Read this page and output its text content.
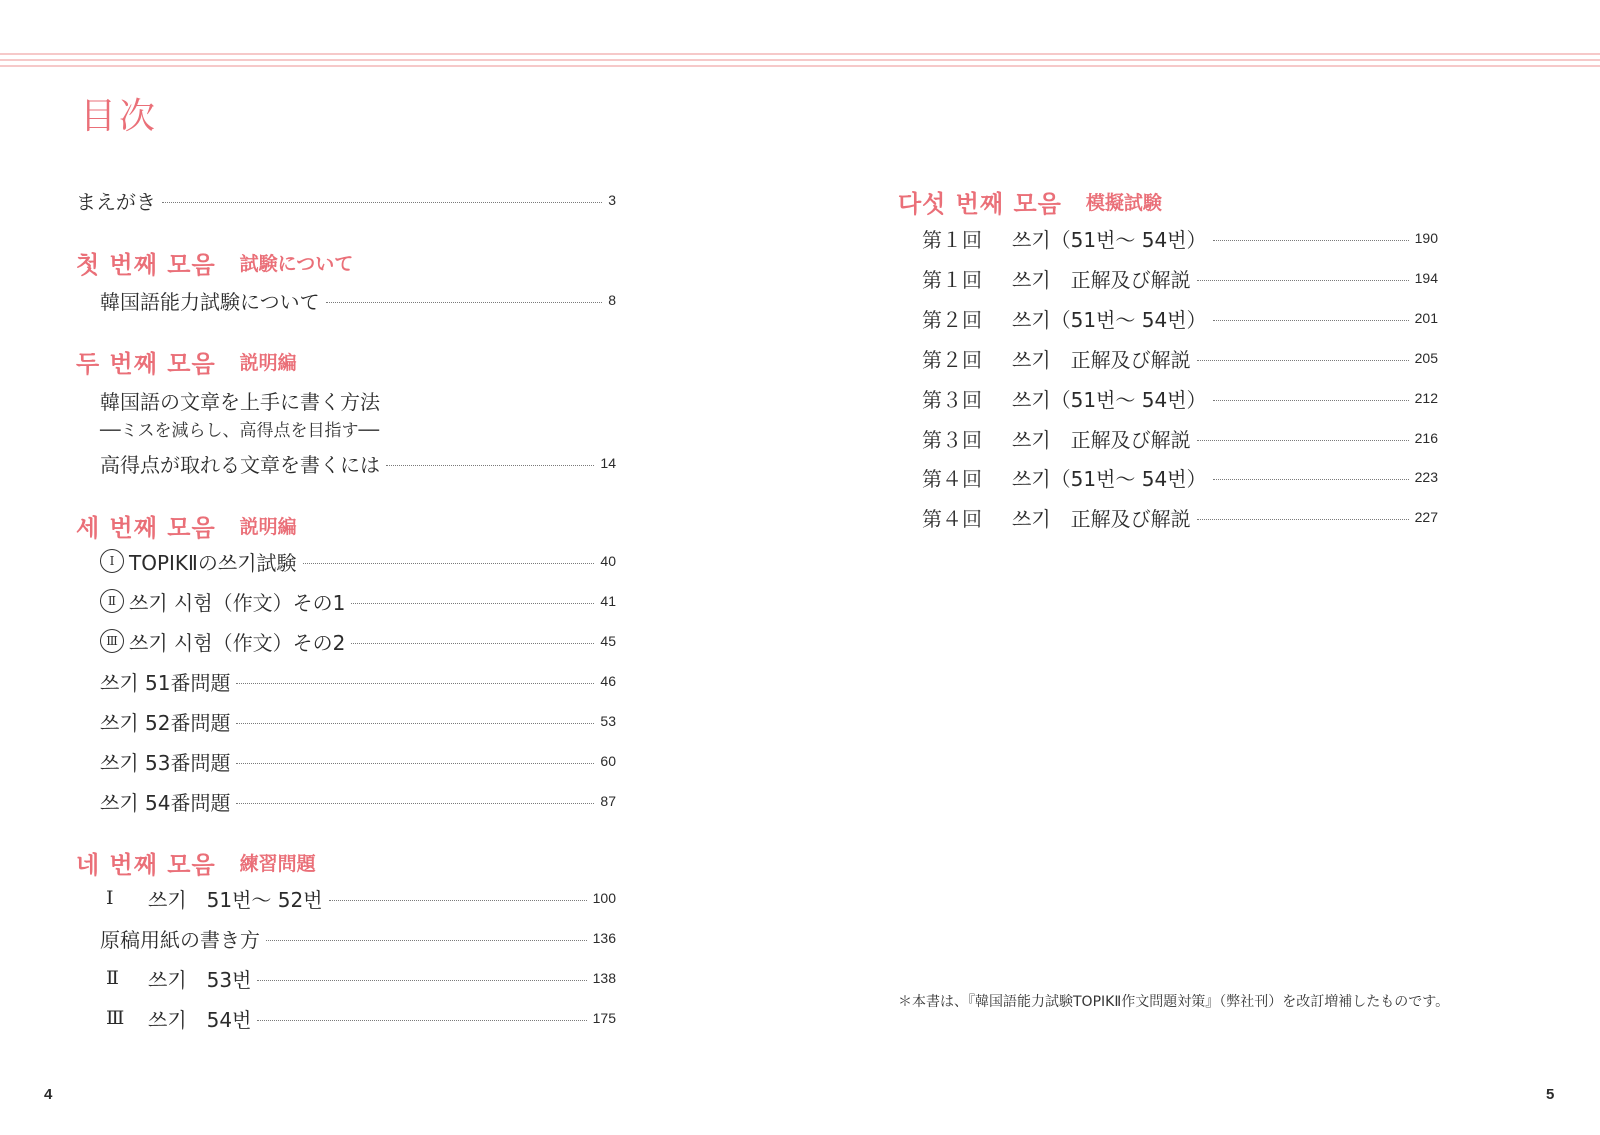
目次
まえがき	3
첫 번째 모음 試験について
韓国語能力試験について	8
두 번째 모음 説明編
韓国語の文章を上手に書く方法
──ミスを減らし、高得点を目指す──
高得点が取れる文章を書くには	14
세 번째 모음 説明編
Ⅰ TOPIKⅡの쓰기試験	40
Ⅱ 쓰기 시험（作文）その1	41
Ⅲ 쓰기 시험（作文）その2	45
쓰기 51番問題	46
쓰기 52番問題	53
쓰기 53番問題	60
쓰기 54番問題	87
네 번째 모음 練習問題
Ⅰ	쓰기　51번～ 52번	100
原稿用紙の書き方	136
Ⅱ	쓰기　53번	138
Ⅲ	쓰기　54번	175
다섯 번째 모음 模擬試験
第１回	쓰기（51번～ 54번）	190
第１回	쓰기　正解及び解説	194
第２回	쓰기（51번～ 54번）	201
第２回	쓰기　正解及び解説	205
第３回	쓰기（51번～ 54번）	212
第３回	쓰기　正解及び解説	216
第４回	쓰기（51번～ 54번）	223
第４回	쓰기　正解及び解説	227
＊本書は、『韓国語能力試験TOPIKⅡ作文問題対策』（弊社刊）を改訂増補したものです。
4	5
